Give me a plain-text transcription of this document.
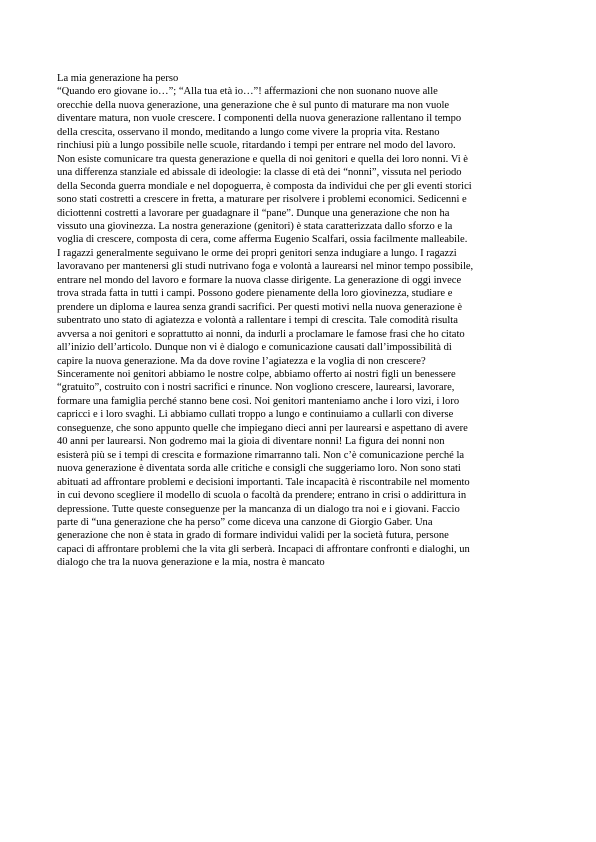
La mia generazione ha perso
“Quando ero giovane io…”; “Alla tua età io…”! affermazioni che non suonano nuove alle
orecchie della nuova generazione, una generazione che è sul punto di maturare ma non vuole
diventare matura, non vuole crescere. I componenti della nuova generazione rallentano il tempo
della crescita, osservano il mondo, meditando a lungo come vivere la propria vita. Restano
rinchiusi più a lungo possibile nelle scuole, ritardando i tempi per entrare nel modo del lavoro.
Non esiste comunicare tra questa generazione e quella di noi genitori e quella dei loro nonni. Vi è
una differenza stanziale ed abissale di ideologie: la classe di età dei “nonni”, vissuta nel periodo
della Seconda guerra mondiale e nel dopoguerra, è composta da individui che per gli eventi storici
sono stati costretti a crescere in fretta, a maturare per risolvere i problemi economici. Sedicenni e
diciottenni costretti a lavorare per guadagnare il “pane”. Dunque una generazione che non ha
vissuto una giovinezza. La nostra generazione (genitori) è stata caratterizzata dallo sforzo e la
voglia di crescere, composta di cera, come afferma Eugenio Scalfari, ossia facilmente malleabile.
I ragazzi generalmente seguivano le orme dei propri genitori senza indugiare a lungo. I ragazzi
lavoravano per mantenersi gli studi nutrivano foga e volontà a laurearsi nel minor tempo possibile,
entrare nel mondo del lavoro e formare la nuova classe dirigente. La generazione di oggi invece
trova strada fatta in tutti i campi. Possono godere pienamente della loro giovinezza, studiare e
prendere un diploma e laurea senza grandi sacrifici. Per questi motivi nella nuova generazione è
subentrato uno stato di agiatezza e volontà a rallentare i tempi di crescita. Tale comodità risulta
avversa a noi genitori e soprattutto ai nonni, da indurli a proclamare le famose frasi che ho citato
all’inizio dell’articolo. Dunque non vi è dialogo e comunicazione causati dall’impossibilità di
capire la nuova generazione. Ma da dove rovine l’agiatezza e la voglia di non crescere?
Sinceramente noi genitori abbiamo le nostre colpe, abbiamo offerto ai nostri figli un benessere
“gratuito”, costruito con i nostri sacrifici e rinunce. Non vogliono crescere, laurearsi, lavorare,
formare una famiglia perché stanno bene così. Noi genitori manteniamo anche i loro vizi, i loro
capricci e i loro svaghi. Li abbiamo cullati troppo a lungo e continuiamo a cullarli con diverse
conseguenze, che sono appunto quelle che impiegano dieci anni per laurearsi e aspettano di avere
40 anni per laurearsi. Non godremo mai la gioia di diventare nonni! La figura dei nonni non
esisterà più se i tempi di crescita e formazione rimarranno tali. Non c’è comunicazione perché la
nuova generazione è diventata sorda alle critiche e consigli che suggeriamo loro. Non sono stati
abituati ad affrontare problemi e decisioni importanti. Tale incapacità è riscontrabile nel momento
in cui devono scegliere il modello di scuola o facoltà da prendere; entrano in crisi o addirittura in
depressione. Tutte queste conseguenze per la mancanza di un dialogo tra noi e i giovani. Faccio
parte di “una generazione che ha perso” come diceva una canzone di Giorgio Gaber. Una
generazione che non è stata in grado di formare individui validi per la società futura, persone
capaci di affrontare problemi che la vita gli serberà. Incapaci di affrontare confronti e dialoghi, un
dialogo che tra la nuova generazione e la mia, nostra è mancato
